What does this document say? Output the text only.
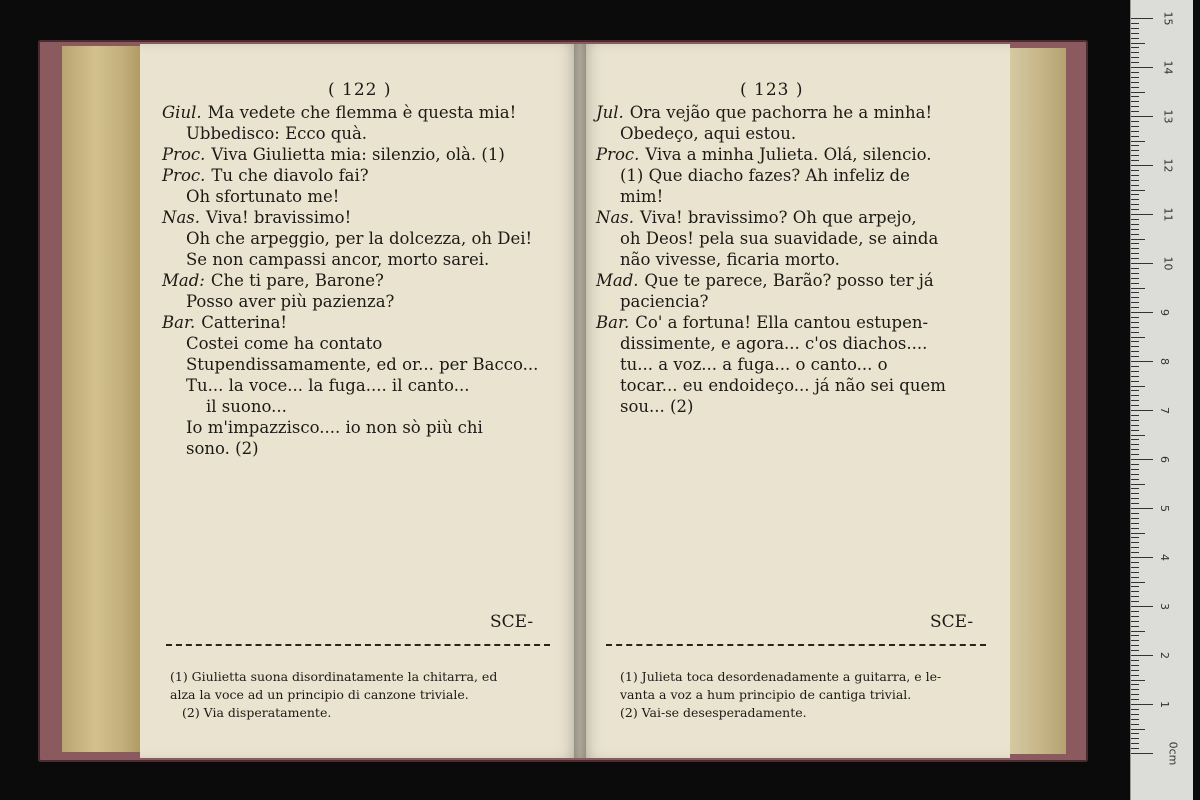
( 122 )
Giul. Ma vedete che flemma è questa mia!
Ubbedisco: Ecco quà.
Proc. Viva Giulietta mia: silenzio, olà. (1)
Proc. Tu che diavolo fai?
Oh sfortunato me!
Nas. Viva! bravissimo!
Oh che arpeggio, per la dolcezza, oh Dei!
Se non campassi ancor, morto sarei.
Mad: Che ti pare, Barone?
Posso aver più pazienza?
Bar. Catterina!
Costei come ha contato
Stupendissamamente, ed or... per Bacco...
Tu... la voce... la fuga.... il canto...
il suono...
Io m'impazzisco.... io non sò più chi
sono. (2)
SCE-
(1) Giulietta suona disordinatamente la chitarra, ed
alza la voce ad un principio di canzone triviale.
(2) Via disperatamente.
( 123 )
Jul. Ora vejão que pachorra he a minha!
Obedeço, aqui estou.
Proc. Viva a minha Julieta. Olá, silencio.
(1) Que diacho fazes? Ah infeliz de
mim!
Nas. Viva! bravissimo? Oh que arpejo,
oh Deos! pela sua suavidade, se ainda
não vivesse, ficaria morto.
Mad. Que te parece, Barão? posso ter já
paciencia?
Bar. Co' a fortuna! Ella cantou estupen-
dissimente, e agora... c'os diachos....
tu... a voz... a fuga... o canto... o
tocar... eu endoideço... já não sei quem
sou... (2)
SCE-
(1) Julieta toca desordenadamente a guitarra, e le-
vanta a voz a hum principio de cantiga trivial.
(2) Vai-se desesperadamente.
15
14
13
12
11
10
9
8
7
6
5
4
3
2
1
0cm
